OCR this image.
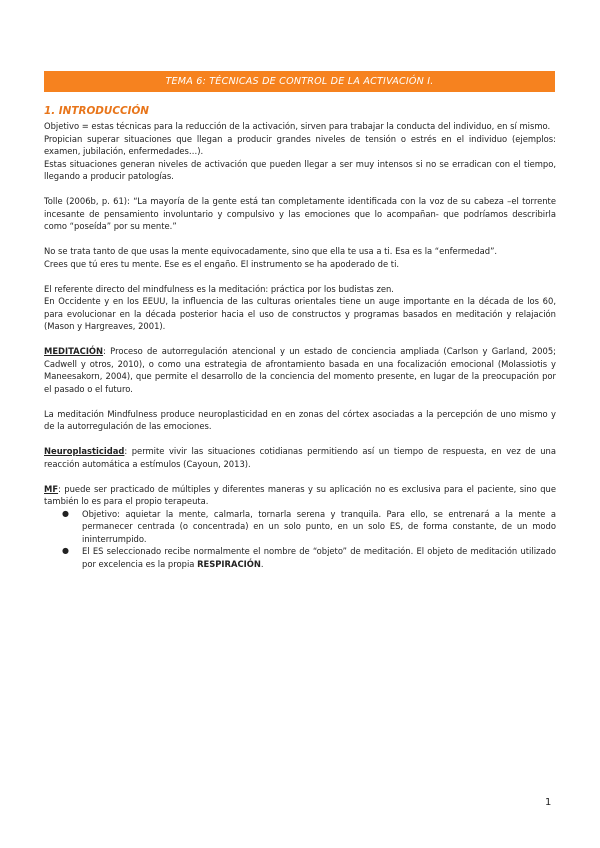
TEMA 6: TÉCNICAS DE CONTROL DE LA ACTIVACIÓN I.
1. INTRODUCCIÓN

Objetivo = estas técnicas para la reducción de la activación, sirven para trabajar la conducta del individuo, en sí mismo.

Propician superar situaciones que llegan a producir grandes niveles de tensión o estrés en el individuo (ejemplos: examen, jubilación, enfermedades…).

Estas situaciones generan niveles de activación que pueden llegar a ser muy intensos si no se erradican con el tiempo, llegando a producir patologías.

Tolle (2006b, p. 61): “La mayoría de la gente está tan completamente identificada con la voz de su cabeza –el torrente incesante de pensamiento involuntario y compulsivo y las emociones que lo acompañan- que podríamos describirla como “poseída” por su mente.”

No se trata tanto de que usas la mente equivocadamente, sino que ella te usa a ti. Esa es la “enfermedad”.

Crees que tú eres tu mente. Ese es el engaño. El instrumento se ha apoderado de ti.

El referente directo del mindfulness es la meditación: práctica por los budistas zen.

En Occidente y en los EEUU, la influencia de las culturas orientales tiene un auge importante en la década de los 60, para evolucionar en la década posterior hacia el uso de constructos y programas basados en meditación y relajación (Mason y Hargreaves, 2001).

MEDITACIÓN: Proceso de autorregulación atencional y un estado de conciencia ampliada (Carlson y Garland, 2005; Cadwell y otros, 2010), o como una estrategia de afrontamiento basada en una focalización emocional (Molassiotis y Maneesakorn, 2004), que permite el desarrollo de la conciencia del momento presente, en lugar de la preocupación por el pasado o el futuro.

La meditación Mindfulness produce neuroplasticidad en en zonas del córtex asociadas a la percepción de uno mismo y de la autorregulación de las emociones.

Neuroplasticidad: permite vivir las situaciones cotidianas permitiendo así un tiempo de respuesta, en vez de una reacción automática a estímulos (Cayoun, 2013).

MF: puede ser practicado de múltiples y diferentes maneras y su aplicación no es exclusiva para el paciente, sino que también lo es para el propio terapeuta.

● Objetivo: aquietar la mente, calmarla, tornarla serena y tranquila. Para ello, se entrenará a la mente a permanecer centrada (o concentrada) en un solo punto, en un solo ES, de forma constante, de un modo ininterrumpido.
● El ES seleccionado recibe normalmente el nombre de “objeto” de meditación. El objeto de meditación utilizado por excelencia es la propia RESPIRACIÓN.
1
